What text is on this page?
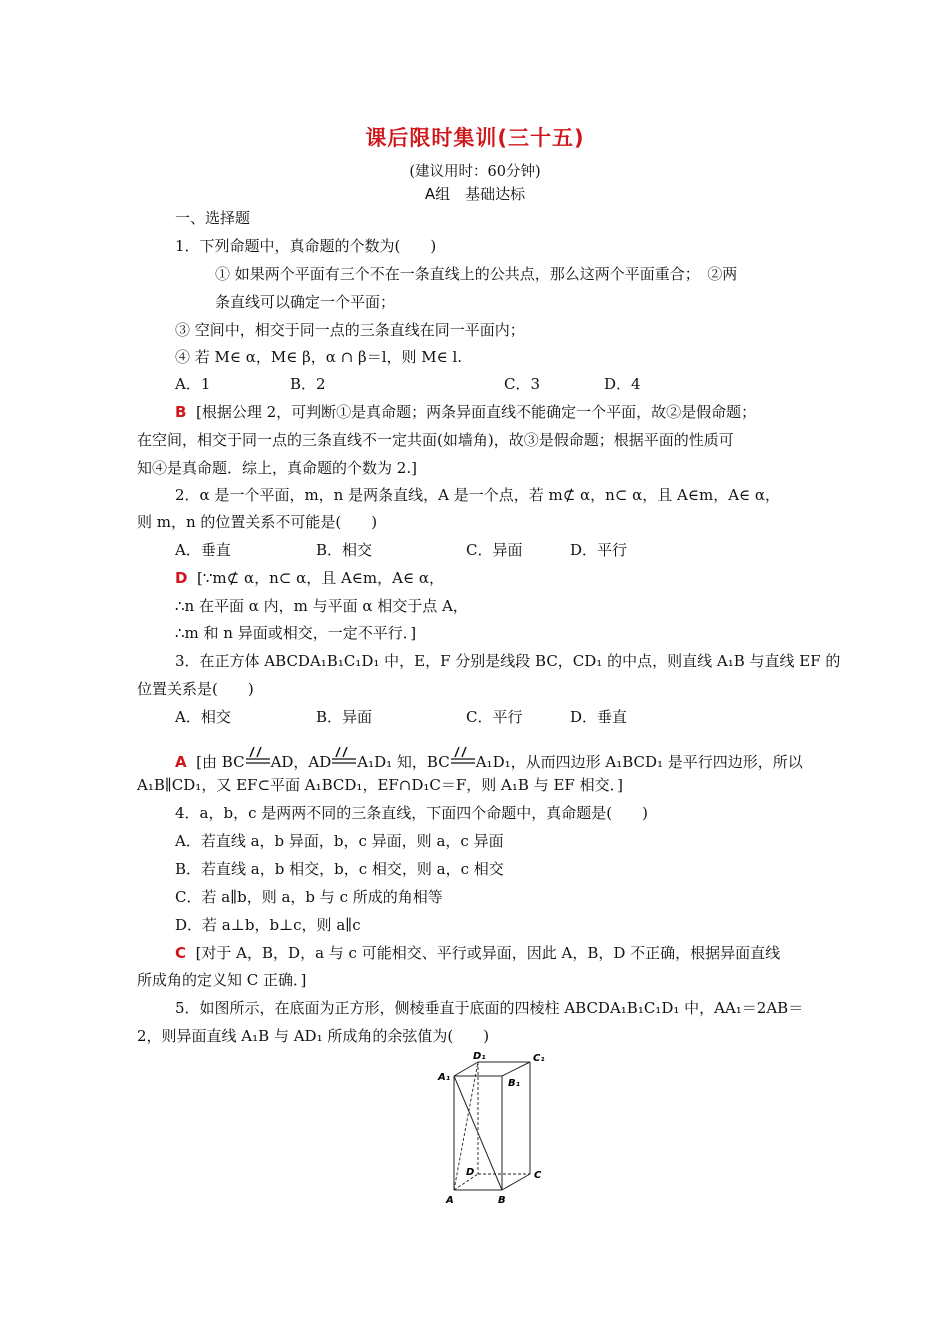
课后限时集训(三十五)
(建议用时：60分钟)
A组　基础达标
一、选择题
1．下列命题中，真命题的个数为(　　)
① 如果两个平面有三个不在一条直线上的公共点，那么这两个平面重合；　②两
条直线可以确定一个平面；
③ 空间中，相交于同一点的三条直线在同一平面内；
④ 若 M∈ α，M∈ β，α ∩ β＝l，则 M∈ l.
A．1	B．2	C．3	D．4
B [根据公理 2，可判断①是真命题；两条异面直线不能确定一个平面，故②是假命题；
在空间，相交于同一点的三条直线不一定共面(如墙角)，故③是假命题；根据平面的性质可
知④是真命题．综上，真命题的个数为 2.]
2．α 是一个平面，m，n 是两条直线，A 是一个点，若 m⊄ α，n⊂ α，且 A∈m，A∈ α，
则 m，n 的位置关系不可能是(　　)
A．垂直	B．相交	C．异面	D．平行
D [∵m⊄ α，n⊂ α，且 A∈m，A∈ α，
∴n 在平面 α 内，m 与平面 α 相交于点 A，
∴m 和 n 异面或相交，一定不平行．]
3．在正方体 ABCDA₁B₁C₁D₁ 中，E，F 分别是线段 BC，CD₁ 的中点，则直线 A₁B 与直线 EF 的
位置关系是(　　)
A．相交	B．异面	C．平行	D．垂直
A [由 BC AD，AD A₁D₁ 知，BC A₁D₁，从而四边形 A₁BCD₁ 是平行四边形，所以
A₁B∥CD₁，又 EF⊂平面 A₁BCD₁，EF∩D₁C＝F，则 A₁B 与 EF 相交．]
4．a，b，c 是两两不同的三条直线，下面四个命题中，真命题是(　　)
A．若直线 a，b 异面，b，c 异面，则 a，c 异面
B．若直线 a，b 相交，b，c 相交，则 a，c 相交
C．若 a∥b，则 a，b 与 c 所成的角相等
D．若 a⊥b，b⊥c，则 a∥c
C [对于 A，B，D，a 与 c 可能相交、平行或异面，因此 A，B，D 不正确，根据异面直线
所成角的定义知 C 正确．]
5．如图所示，在底面为正方形，侧棱垂直于底面的四棱柱 ABCDA₁B₁C₁D₁ 中，AA₁＝2AB＝
2，则异面直线 A₁B 与 AD₁ 所成角的余弦值为(　　)
D₁	C₁
A₁
B₁
D	C
A	B
